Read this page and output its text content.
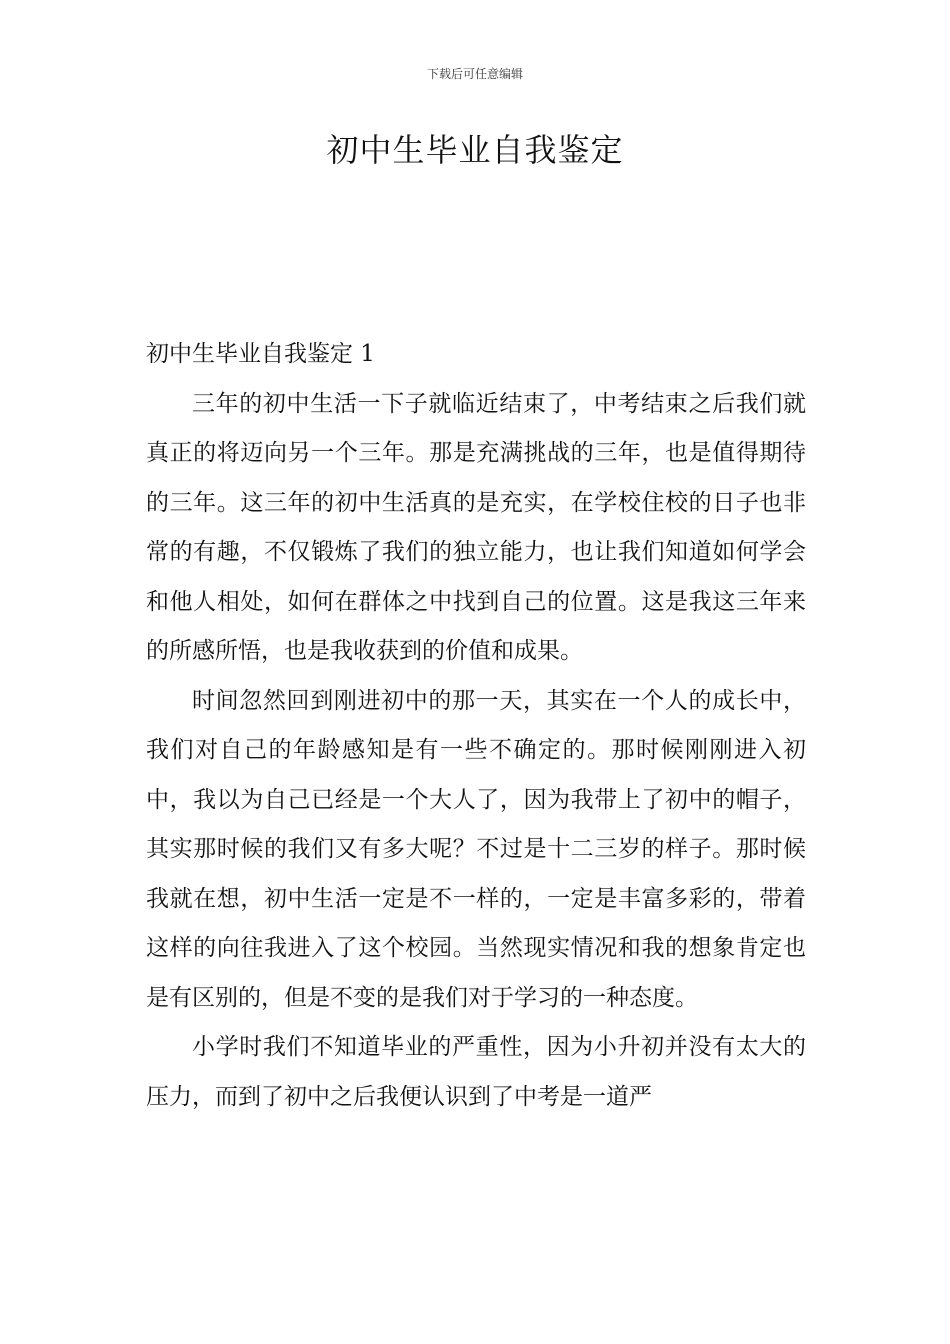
下载后可任意编辑
初中生毕业自我鉴定

初中生毕业自我鉴定 1

三年的初中生活一下子就临近结束了，中考结束之后我们就真正的将迈向另一个三年。那是充满挑战的三年，也是值得期待的三年。这三年的初中生活真的是充实，在学校住校的日子也非常的有趣，不仅锻炼了我们的独立能力，也让我们知道如何学会和他人相处，如何在群体之中找到自己的位置。这是我这三年来的所感所悟，也是我收获到的价值和成果。

时间忽然回到刚进初中的那一天，其实在一个人的成长中，我们对自己的年龄感知是有一些不确定的。那时候刚刚进入初中，我以为自己已经是一个大人了，因为我带上了初中的帽子，其实那时候的我们又有多大呢？不过是十二三岁的样子。那时候我就在想，初中生活一定是不一样的，一定是丰富多彩的，带着这样的向往我进入了这个校园。当然现实情况和我的想象肯定也是有区别的，但是不变的是我们对于学习的一种态度。

小学时我们不知道毕业的严重性，因为小升初并没有太大的压力，而到了初中之后我便认识到了中考是一道严
